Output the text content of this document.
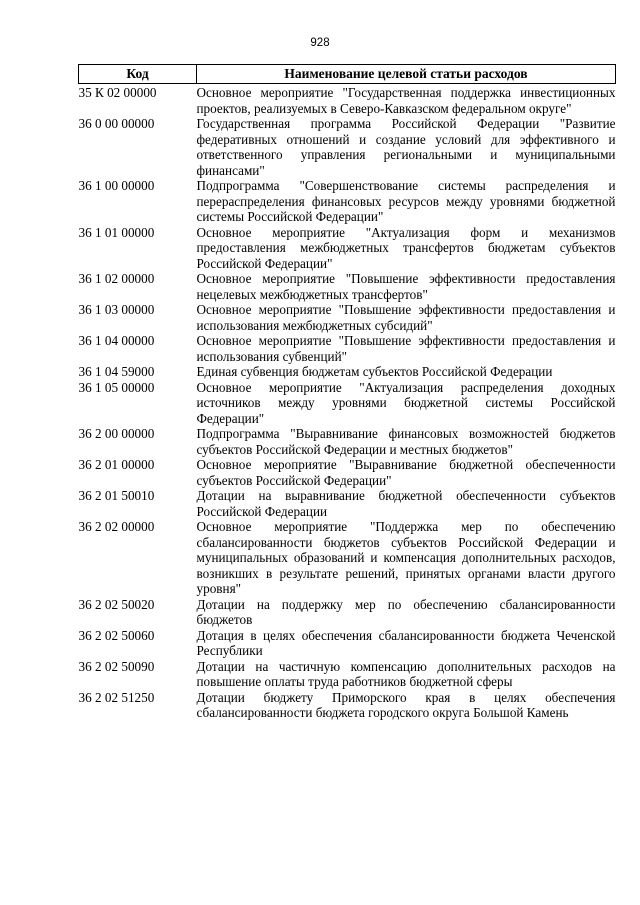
928
Код	Наименование целевой статьи расходов
35 К 02 00000	Основное мероприятие "Государственная поддержка инвестиционных проектов, реализуемых в Северо-Кавказском федеральном округе"
36 0 00 00000	Государственная программа Российской Федерации "Развитие федеративных отношений и создание условий для эффективного и ответственного управления региональными и муниципальными финансами"
36 1 00 00000	Подпрограмма "Совершенствование системы распределения и перераспределения финансовых ресурсов между уровнями бюджетной системы Российской Федерации"
36 1 01 00000	Основное мероприятие "Актуализация форм и механизмов предоставления межбюджетных трансфертов бюджетам субъектов Российской Федерации"
36 1 02 00000	Основное мероприятие "Повышение эффективности предоставления нецелевых межбюджетных трансфертов"
36 1 03 00000	Основное мероприятие "Повышение эффективности предоставления и использования межбюджетных субсидий"
36 1 04 00000	Основное мероприятие "Повышение эффективности предоставления и использования субвенций"
36 1 04 59000	Единая субвенция бюджетам субъектов Российской Федерации
36 1 05 00000	Основное мероприятие "Актуализация распределения доходных источников между уровнями бюджетной системы Российской Федерации"
36 2 00 00000	Подпрограмма "Выравнивание финансовых возможностей бюджетов субъектов Российской Федерации и местных бюджетов"
36 2 01 00000	Основное мероприятие "Выравнивание бюджетной обеспеченности субъектов Российской Федерации"
36 2 01 50010	Дотации на выравнивание бюджетной обеспеченности субъектов Российской Федерации
36 2 02 00000	Основное мероприятие "Поддержка мер по обеспечению сбалансированности бюджетов субъектов Российской Федерации и муниципальных образований и компенсация дополнительных расходов, возникших в результате решений, принятых органами власти другого уровня"
36 2 02 50020	Дотации на поддержку мер по обеспечению сбалансированности бюджетов
36 2 02 50060	Дотация в целях обеспечения сбалансированности бюджета Чеченской Республики
36 2 02 50090	Дотации на частичную компенсацию дополнительных расходов на повышение оплаты труда работников бюджетной сферы
36 2 02 51250	Дотации бюджету Приморского края в целях обеспечения сбалансированности бюджета городского округа Большой Камень
